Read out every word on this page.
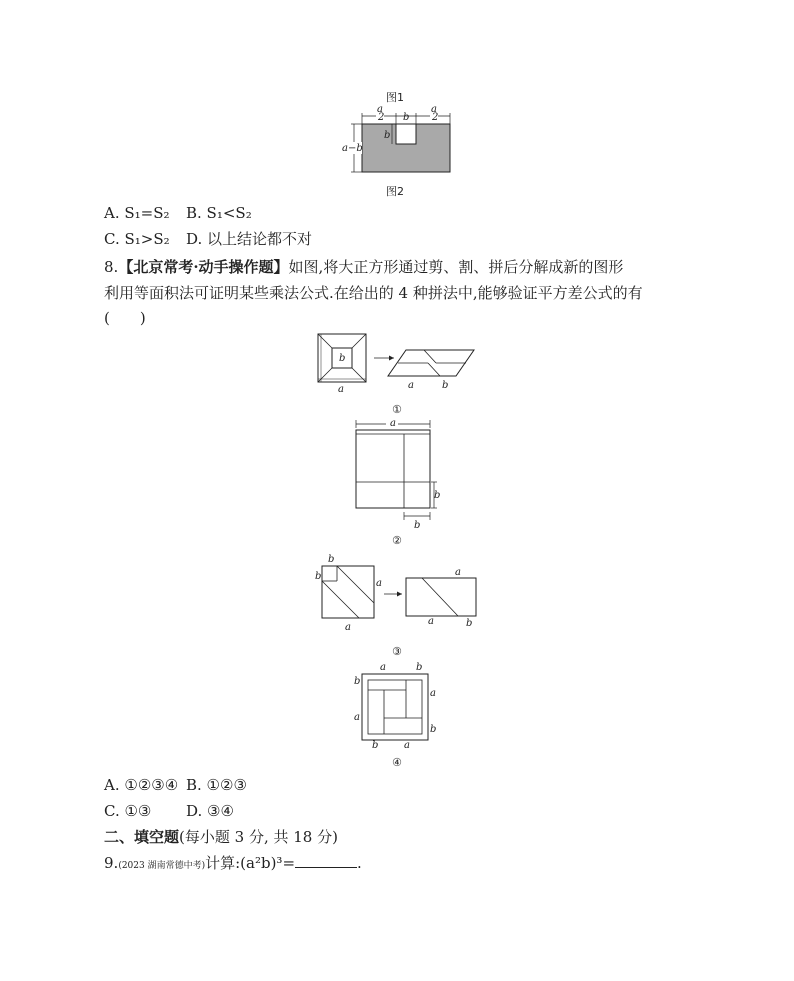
图1
a
2 b
a
2
b
a−b
图2
A. S₁=S₂ B. S₁<S₂
C. S₁>S₂ D. 以上结论都不对
8.【北京常考·动手操作题】如图,将大正方形通过剪、割、拼后分解成新的图形
利用等面积法可证明某些乘法公式.在给出的 4 种拼法中,能够验证平方差公式的有
(　　)
b
a	a	b
①
a
b
b
②
b
b
a
a
a
a	b
③
a	b
b
a
a
b
b	a
④
A. ①②③④ B. ①②③
C. ①③ D. ③④
二、填空题(每小题 3 分, 共 18 分)
9.(2023 湖南常德中考)计算:(a²b)³=	.
